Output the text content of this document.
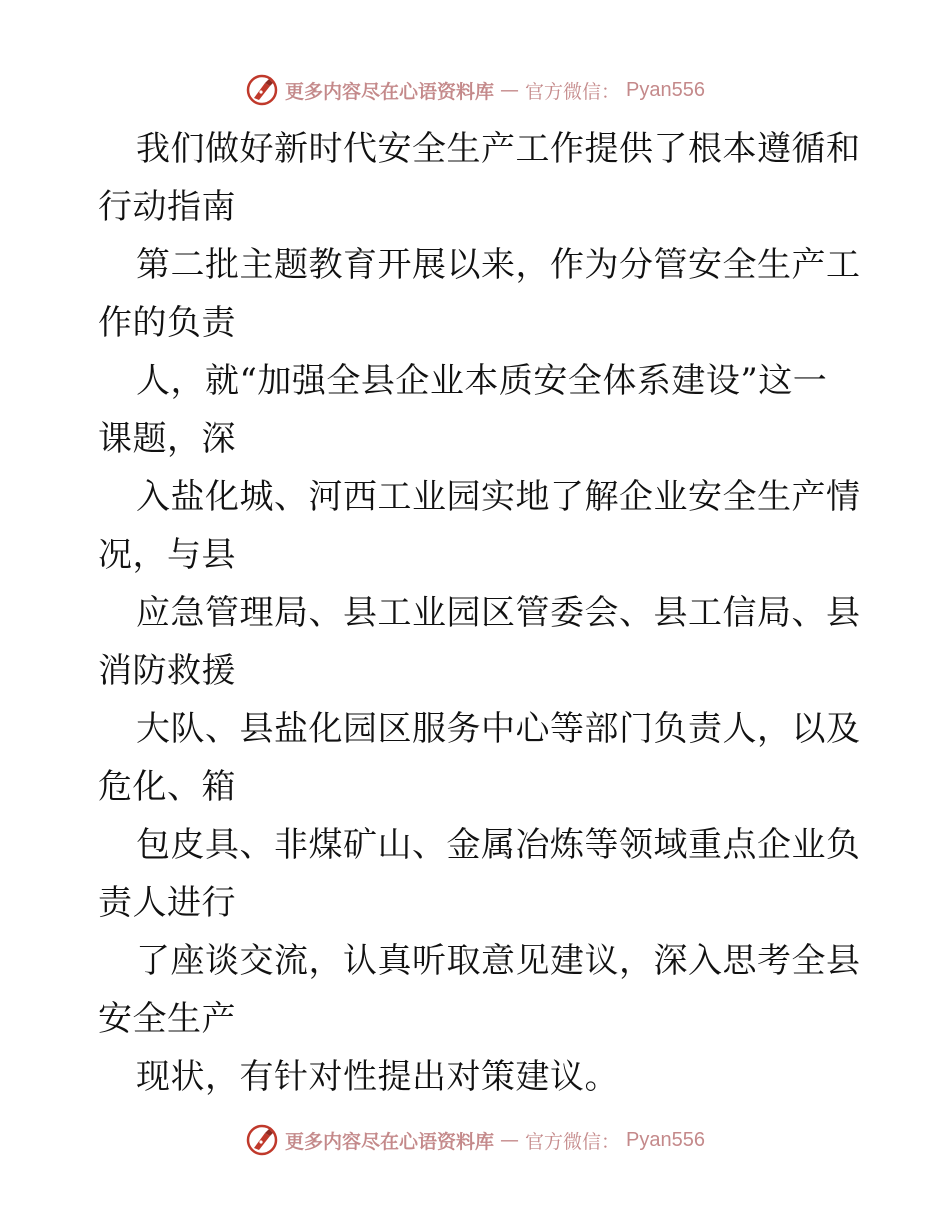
更多内容尽在心语资料库 — 官方微信： Pyan556
我们做好新时代安全生产工作提供了根本遵循和
行动指南
第二批主题教育开展以来，作为分管安全生产工
作的负责
人，就“加强全县企业本质安全体系建设”这一
课题，深
入盐化城、河西工业园实地了解企业安全生产情
况，与县
应急管理局、县工业园区管委会、县工信局、县
消防救援
大队、县盐化园区服务中心等部门负责人，以及
危化、箱
包皮具、非煤矿山、金属冶炼等领域重点企业负
责人进行
了座谈交流，认真听取意见建议，深入思考全县
安全生产
现状，有针对性提出对策建议。
更多内容尽在心语资料库 — 官方微信： Pyan556
